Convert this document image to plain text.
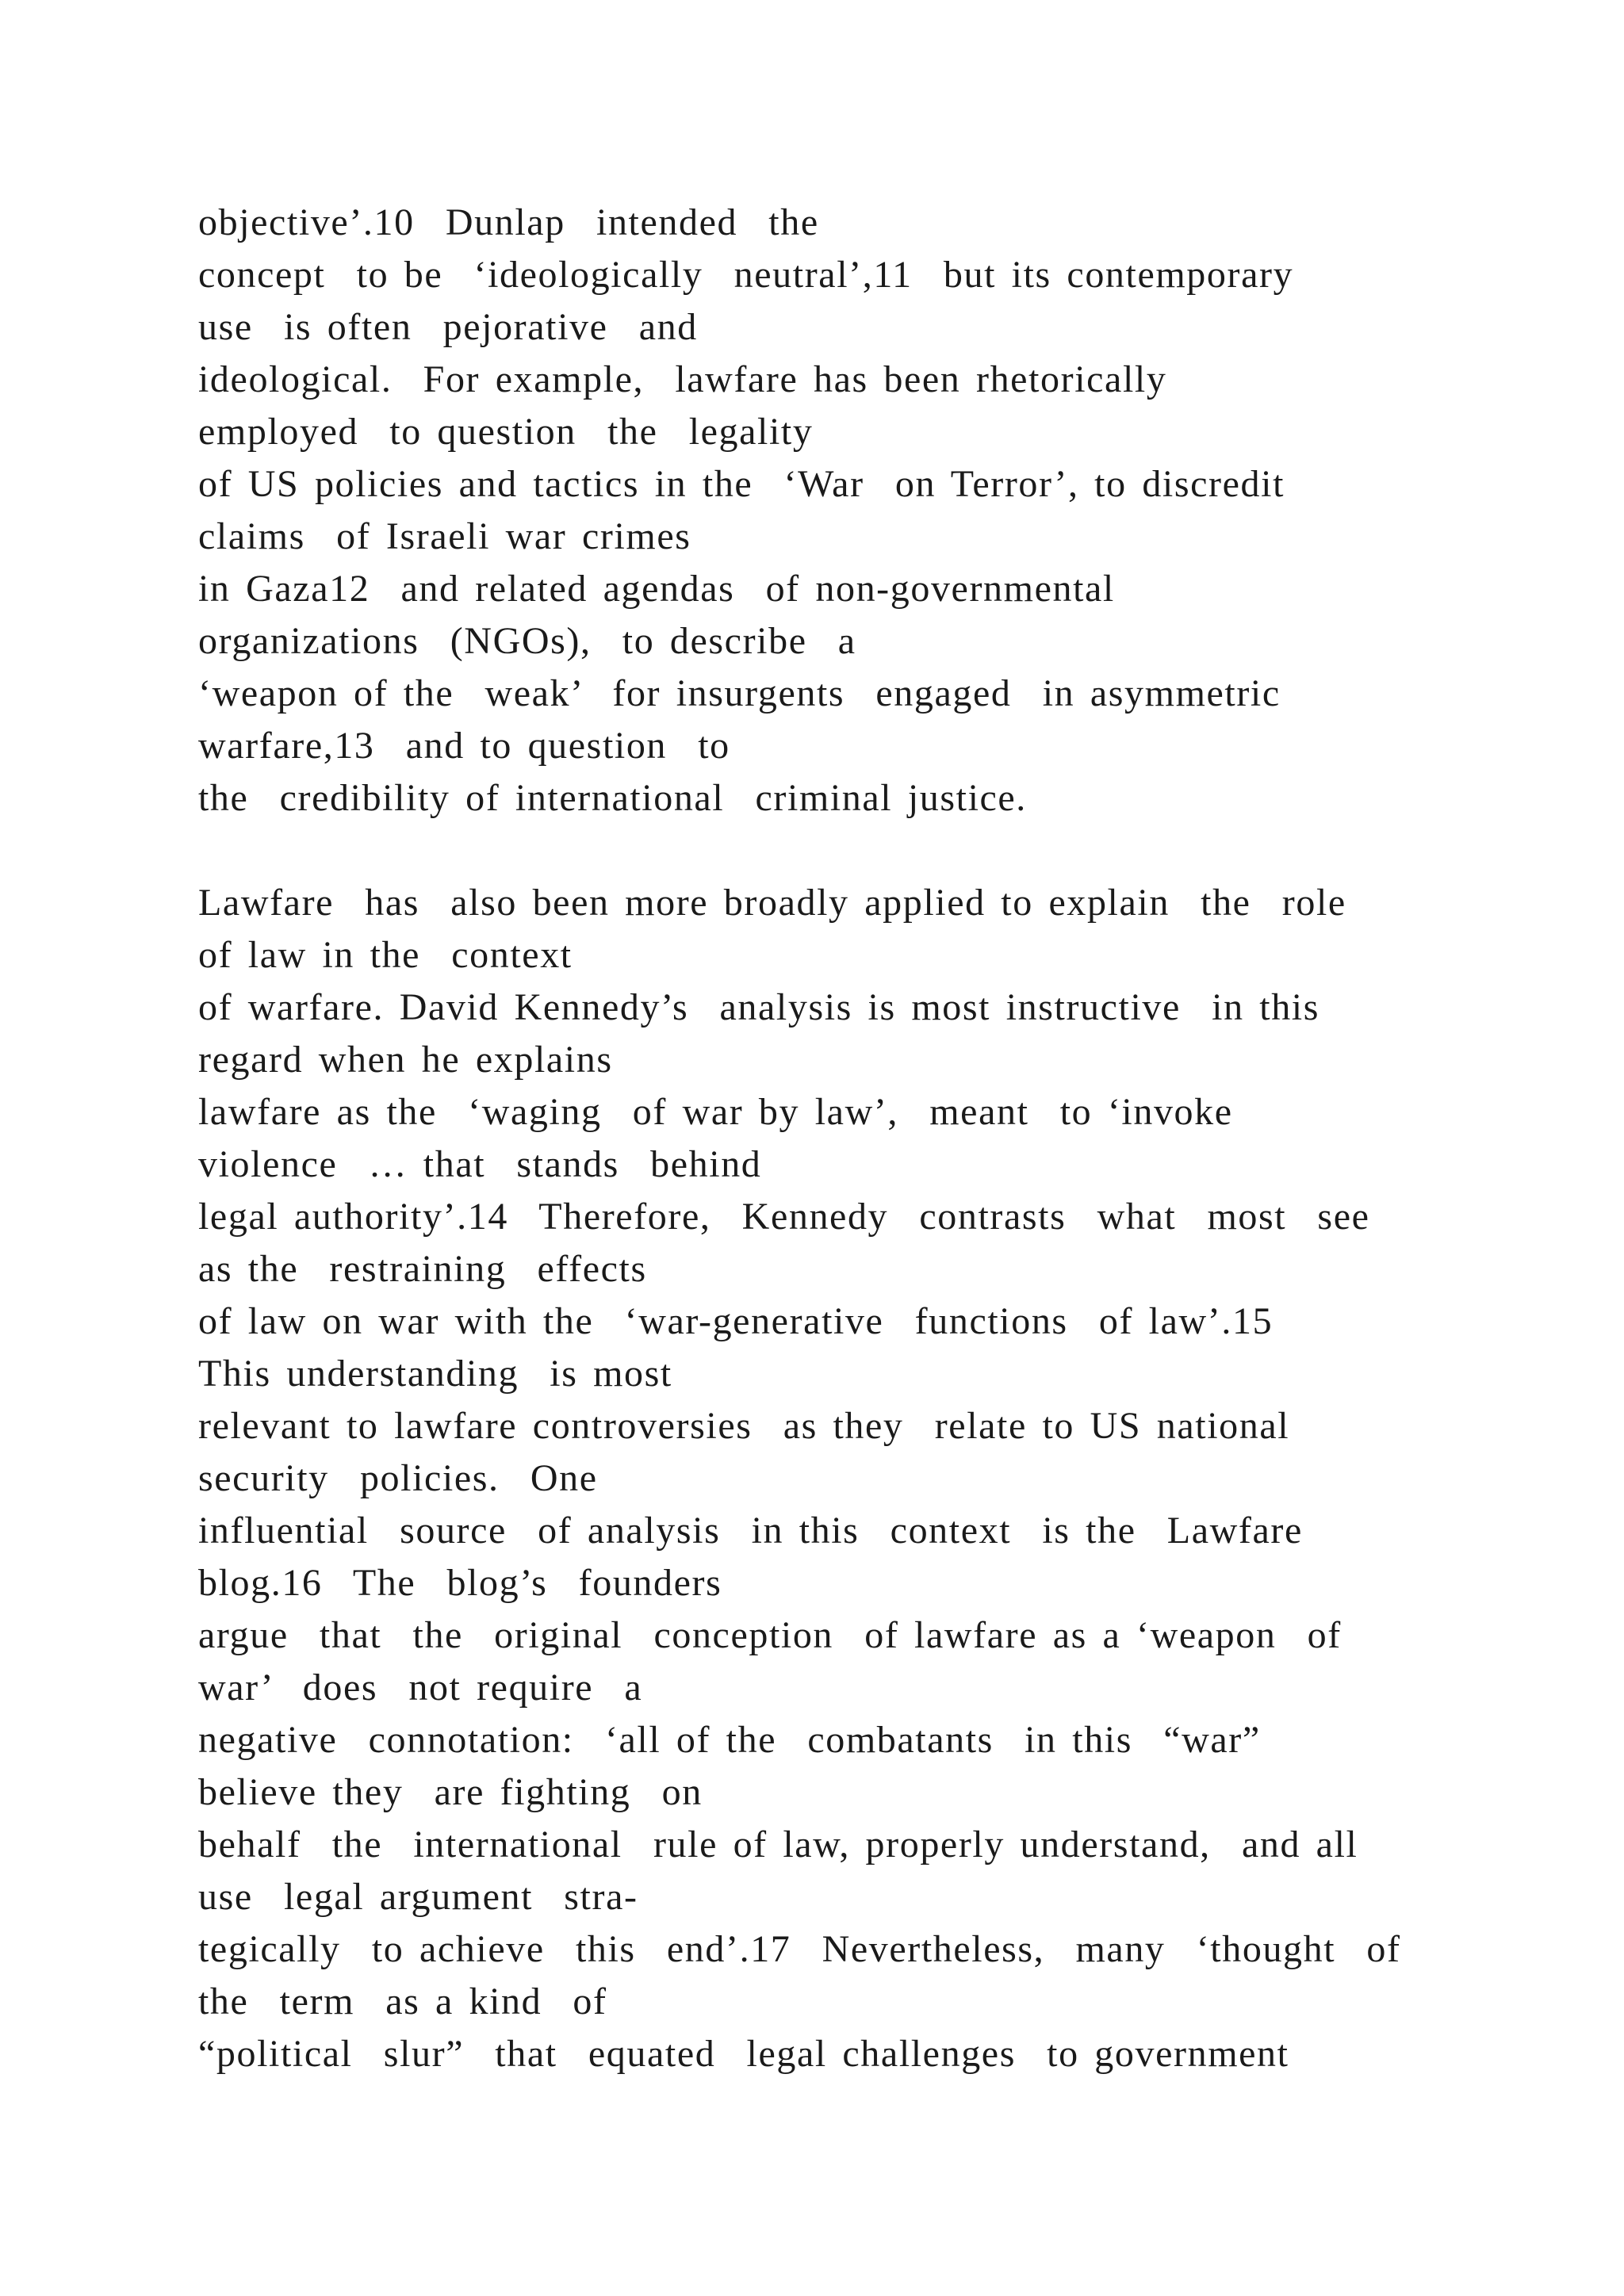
objective’.10  Dunlap  intended  the
concept  to be  ‘ideologically  neutral’,11  but its contemporary
use  is often  pejorative  and
ideological.  For example,  lawfare has been rhetorically
employed  to question  the  legality
of US policies and tactics in the  ‘War  on Terror’, to discredit
claims  of Israeli war crimes
in Gaza12  and related agendas  of non-governmental
organizations  (NGOs),  to describe  a
‘weapon of the  weak’  for insurgents  engaged  in asymmetric
warfare,13  and to question  to
the  credibility of international  criminal justice.
Lawfare  has  also been more broadly applied to explain  the  role
of law in the  context
of warfare. David Kennedy’s  analysis is most instructive  in this
regard when he explains
lawfare as the  ‘waging  of war by law’,  meant  to ‘invoke
violence  … that  stands  behind
legal authority’.14  Therefore,  Kennedy  contrasts  what  most  see
as the  restraining  effects
of law on war with the  ‘war-generative  functions  of law’.15
This understanding  is most
relevant to lawfare controversies  as they  relate to US national
security  policies.  One
influential  source  of analysis  in this  context  is the  Lawfare
blog.16  The  blog’s  founders
argue  that  the  original  conception  of lawfare as a ‘weapon  of
war’  does  not require  a
negative  connotation:  ‘all of the  combatants  in this  “war”
believe they  are fighting  on
behalf  the  international  rule of law, properly understand,  and all
use  legal argument  stra-
tegically  to achieve  this  end’.17  Nevertheless,  many  ‘thought  of
the  term  as a kind  of
“political  slur”  that  equated  legal challenges  to government
